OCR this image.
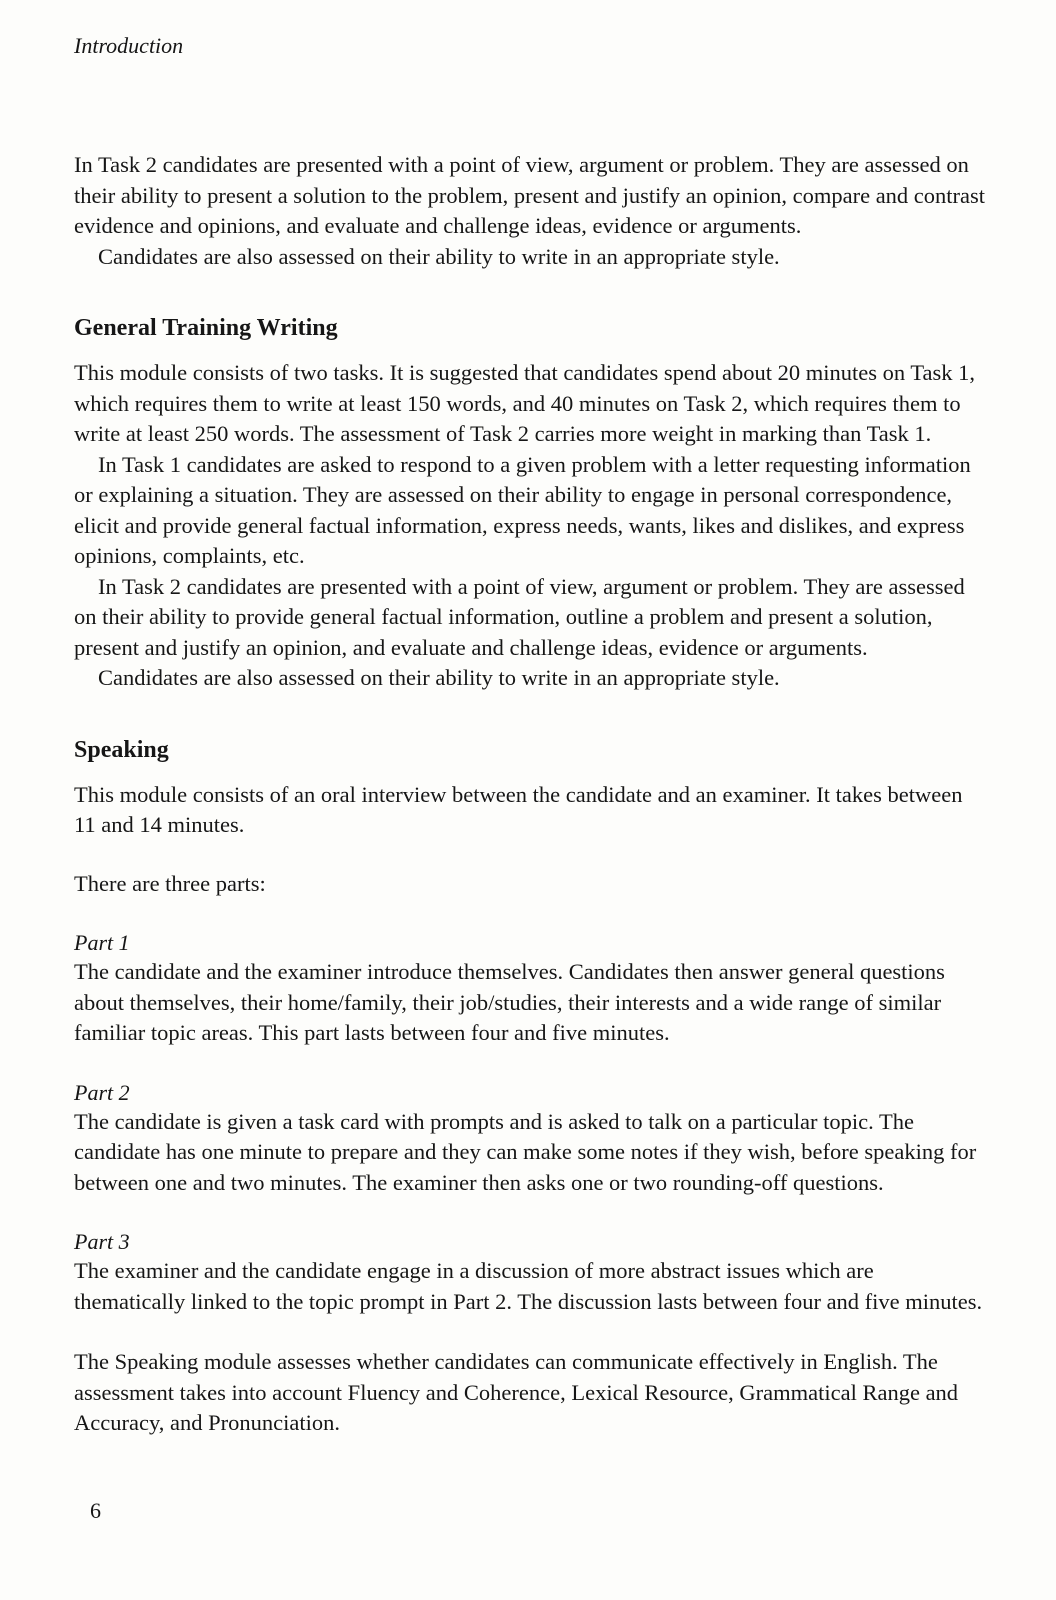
Introduction

In Task 2 candidates are presented with a point of view, argument or problem. They are assessed on their ability to present a solution to the problem, present and justify an opinion, compare and contrast evidence and opinions, and evaluate and challenge ideas, evidence or arguments.

Candidates are also assessed on their ability to write in an appropriate style.

General Training Writing

This module consists of two tasks. It is suggested that candidates spend about 20 minutes on Task 1, which requires them to write at least 150 words, and 40 minutes on Task 2, which requires them to write at least 250 words. The assessment of Task 2 carries more weight in marking than Task 1.

In Task 1 candidates are asked to respond to a given problem with a letter requesting information or explaining a situation. They are assessed on their ability to engage in personal correspondence, elicit and provide general factual information, express needs, wants, likes and dislikes, and express opinions, complaints, etc.

In Task 2 candidates are presented with a point of view, argument or problem. They are assessed on their ability to provide general factual information, outline a problem and present a solution, present and justify an opinion, and evaluate and challenge ideas, evidence or arguments.

Candidates are also assessed on their ability to write in an appropriate style.

Speaking

This module consists of an oral interview between the candidate and an examiner. It takes between 11 and 14 minutes.

There are three parts:

Part 1

The candidate and the examiner introduce themselves. Candidates then answer general questions about themselves, their home/family, their job/studies, their interests and a wide range of similar familiar topic areas. This part lasts between four and five minutes.

Part 2

The candidate is given a task card with prompts and is asked to talk on a particular topic. The candidate has one minute to prepare and they can make some notes if they wish, before speaking for between one and two minutes. The examiner then asks one or two rounding-off questions.

Part 3

The examiner and the candidate engage in a discussion of more abstract issues which are thematically linked to the topic prompt in Part 2. The discussion lasts between four and five minutes.

The Speaking module assesses whether candidates can communicate effectively in English. The assessment takes into account Fluency and Coherence, Lexical Resource, Grammatical Range and Accuracy, and Pronunciation.

6
